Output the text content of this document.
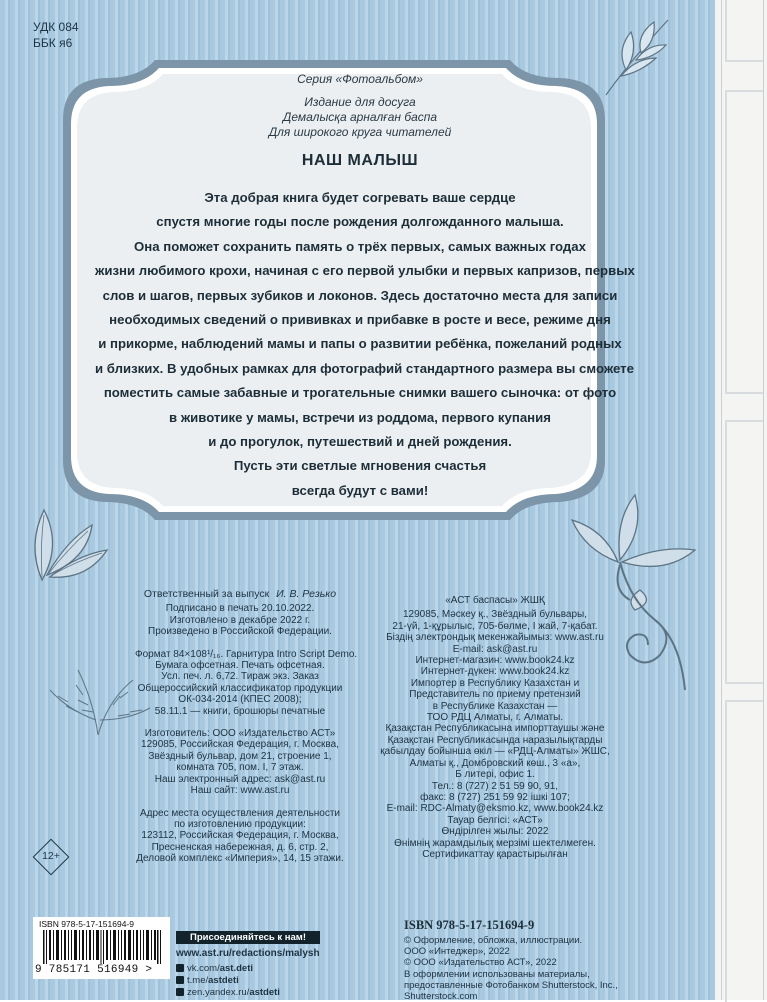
УДК 084
ББК я6
Серия «Фотоальбом»
Издание для досуга
Демалысқа арналған баспа
Для широкого круга читателей
НАШ МАЛЫШ
Эта добрая книга будет согревать ваше сердце
спустя многие годы после рождения долгожданного малыша.
Она поможет сохранить память о трёх первых, самых важных годах
жизни любимого крохи, начиная с его первой улыбки и первых капризов, первых
слов и шагов, первых зубиков и локонов. Здесь достаточно места для записи
необходимых сведений о прививках и прибавке в росте и весе, режиме дня
и прикорме, наблюдений мамы и папы о развитии ребёнка, пожеланий родных
и близких. В удобных рамках для фотографий стандартного размера вы сможете
поместить самые забавные и трогательные снимки вашего сыночка: от фото
в животике у мамы, встречи из роддома, первого купания
и до прогулок, путешествий и дней рождения.
Пусть эти светлые мгновения счастья
всегда будут с вами!
Ответственный за выпуск И. В. Резько
Подписано в печать 20.10.2022.
Изготовлено в декабре 2022 г.
Произведено в Российской Федерации.
Формат 84×108¹/₁₆. Гарнитура Intro Script Demo.
Бумага офсетная. Печать офсетная.
Усл. печ. л. 6,72. Тираж экз. Заказ
Общероссийский классификатор продукции
ОК-034-2014 (КПЕС 2008);
58.11.1 — книги, брошюры печатные
Изготовитель: ООО «Издательство АСТ»
129085, Российская Федерация, г. Москва,
Звёздный бульвар, дом 21, строение 1,
комната 705, пом. I, 7 этаж.
Наш электронный адрес: ask@ast.ru
Наш сайт: www.ast.ru
Адрес места осуществления деятельности
по изготовлению продукции:
123112, Российская Федерация, г. Москва,
Пресненская набережная, д. 6, стр. 2,
Деловой комплекс «Империя», 14, 15 этажи.
«АСТ баспасы» ЖШҚ
129085, Мәскеу қ., Звёздный бульвары,
21-үй, 1-құрылыс, 705-бөлме, I жай, 7-қабат.
Біздің электрондық мекенжайымыз: www.ast.ru
E-mail: ask@ast.ru
Интернет-магазин: www.book24.kz
Интернет-дүкен: www.book24.kz
Импортер в Республику Казахстан и
Представитель по приему претензий
в Республике Казахстан —
ТОО РДЦ Алматы, г. Алматы.
Қазақстан Республикасына импорттаушы және
Қазақстан Республикасында наразылықтарды
қабылдау бойынша өкіл — «РДЦ-Алматы» ЖШС,
Алматы қ., Домбровский көш., 3 «а»,
Б литері, офис 1.
Тел.: 8 (727) 2 51 59 90, 91,
факс: 8 (727) 251 59 92 ішкі 107;
E-mail: RDC-Almaty@eksmo.kz, www.book24.kz
Тауар белгісі: «АСТ»
Өндірілген жылы: 2022
Өнімнің жарамдылық мерзімі шектелмеген.
Сертификаттау қарастырылған
12+
ISBN 978-5-17-151694-9
9 785171 516949 >
Присоединяйтесь к нам!
www.ast.ru/redactions/malysh
vk.com/ast.deti
t.me/astdeti
zen.yandex.ru/astdeti
ISBN 978-5-17-151694-9
© Оформление, обложка, иллюстрации.
ООО «Интеджер», 2022
© ООО «Издательство АСТ», 2022
В оформлении использованы материалы,
предоставленные Фотобанком Shutterstock, Inc.,
Shutterstock.com
